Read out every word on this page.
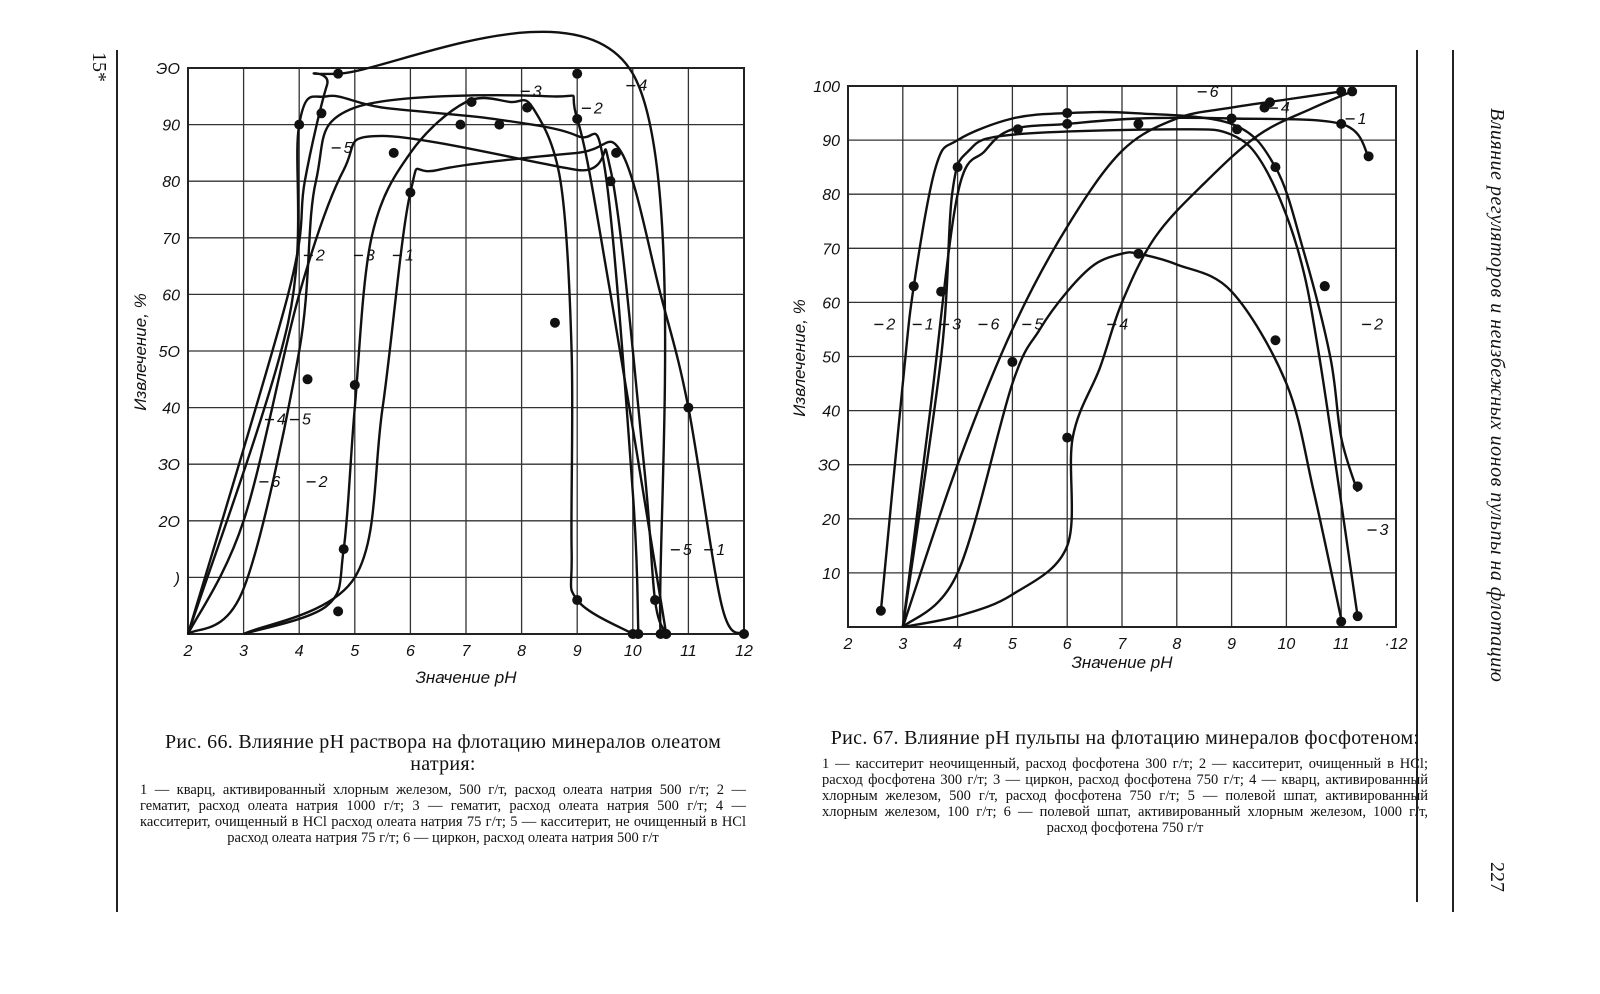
2	3	4	5	6	7	8	9	10 11 12
ЭО
90
80
70
60
5О
40
ЗО
2О
)
Значение pH
Извлечение, %
2
4
3
5
2	3 1
4 5
6 2
5 1
2	3	4	5	6	7	8	9	10 11 ·12
100
90
80
70
60
50
40
ЗО
20
10
Значение pH
Извлечение, %
1
6
4
2 1 3 6 5	4	2
3
15*
Влияние регуляторов и неизбежных ионов пульпы на флотацию
227
Рис. 66. Влияние pH раствора на флотацию минералов олеатом натрия:
1 — кварц, активированный хлорным железом, 500 г/т, расход олеата натрия 500 г/т; 2 — гематит, расход олеата натрия 1000 г/т; 3 — гематит, расход олеата натрия 500 г/т; 4 — касситерит, очищенный в HCl расход олеата натрия 75 г/т; 5 — касситерит, не очищенный в HCl расход олеата натрия 75 г/т; 6 — циркон, расход олеата натрия 500 г/т
Рис. 67. Влияние pH пульпы на флотацию минералов фосфотеном:
1 — касситерит неочищенный, расход фосфотена 300 г/т; 2 — касситерит, очищенный в HCl; расход фосфотена 300 г/т; 3 — циркон, расход фосфотена 750 г/т; 4 — кварц, активированный хлорным железом, 500 г/т, расход фосфотена 750 г/т; 5 — полевой шпат, активированный хлорным железом, 100 г/т; 6 — полевой шпат, активированный хлорным железом, 1000 г/т, расход фосфотена 750 г/т
